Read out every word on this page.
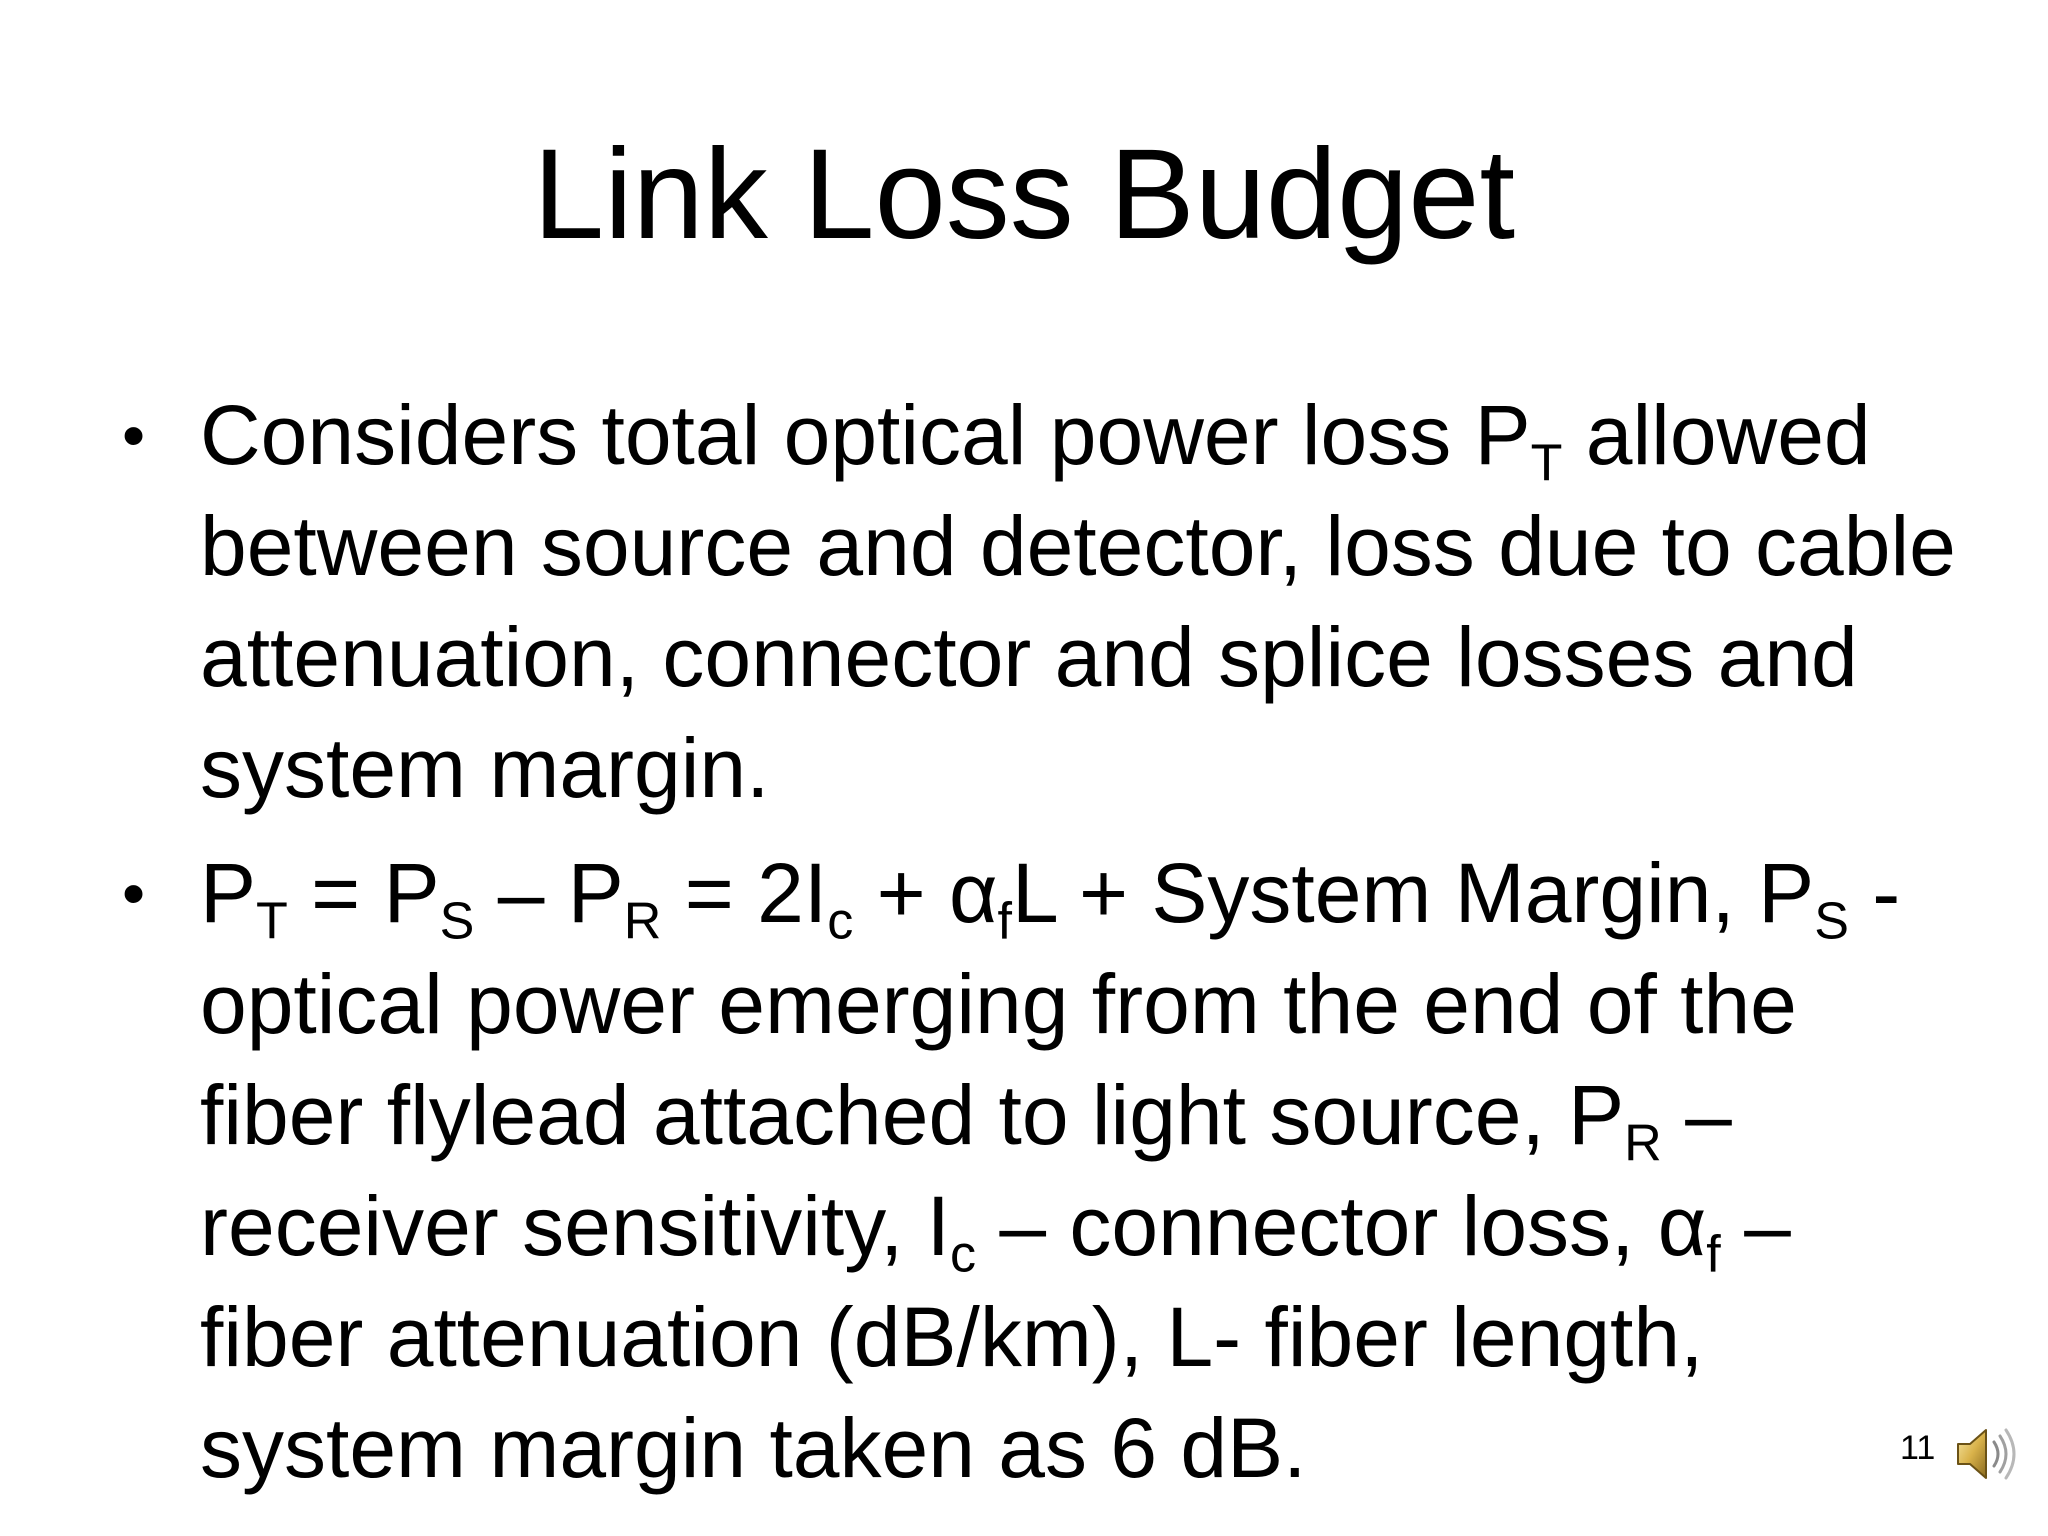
Link Loss Budget
• Considers total optical power loss $P_T$ allowed between source and detector, loss due to cable attenuation, connector and splice losses and system margin.
• $P_T = P_S - P_R = 2I_c + \alpha_fL$ + System Margin, $P_S$ - optical power emerging from the end of the fiber flylead attached to light source, $P_R$ – receiver sensitivity, $I_c$ – connector loss, $\alpha_f$ – fiber attenuation (dB/km), L- fiber length, system margin taken as 6 dB.	11
